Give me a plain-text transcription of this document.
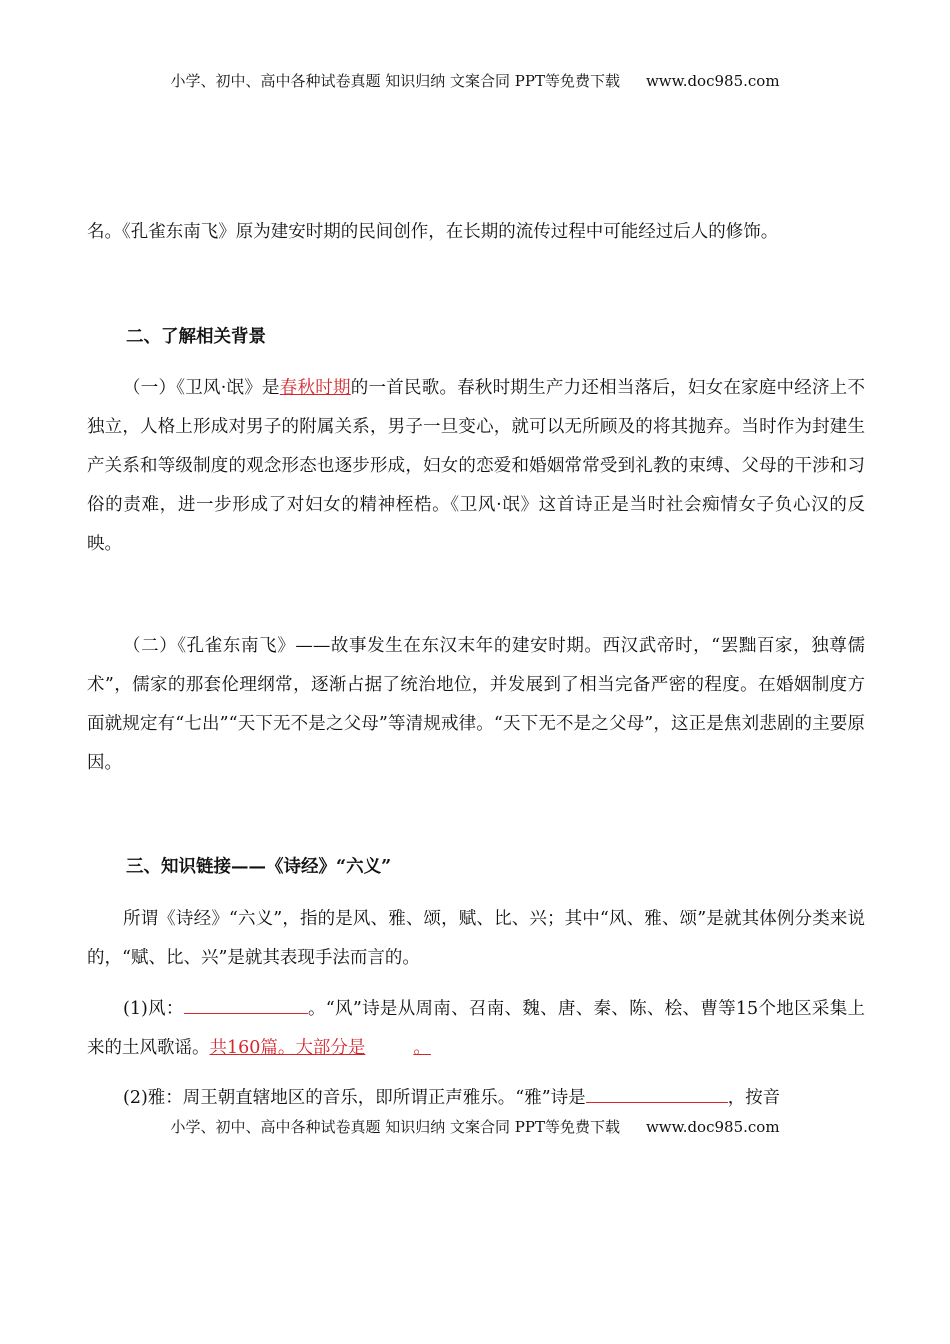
小学、初中、高中各种试卷真题 知识归纳 文案合同 PPT等免费下载 www.doc985.com
名。《孔雀东南飞》原为建安时期的民间创作，在长期的流传过程中可能经过后人的修饰。
二、了解相关背景
（一）《卫风·氓》是春秋时期的一首民歌。春秋时期生产力还相当落后，妇女在家庭中经济上不独立，人格上形成对男子的附属关系，男子一旦变心，就可以无所顾及的将其抛弃。当时作为封建生产关系和等级制度的观念形态也逐步形成，妇女的恋爱和婚姻常常受到礼教的束缚、父母的干涉和习俗的责难，进一步形成了对妇女的精神桎梏。《卫风·氓》这首诗正是当时社会痴情女子负心汉的反映。
（二）《孔雀东南飞》——故事发生在东汉末年的建安时期。西汉武帝时，“罢黜百家，独尊儒术”，儒家的那套伦理纲常，逐渐占据了统治地位，并发展到了相当完备严密的程度。在婚姻制度方面就规定有“七出”“天下无不是之父母”等清规戒律。“天下无不是之父母”，这正是焦刘悲剧的主要原因。
三、知识链接——《诗经》“六义”
所谓《诗经》“六义”，指的是风、雅、颂，赋、比、兴；其中“风、雅、颂”是就其体例分类来说的，“赋、比、兴”是就其表现手法而言的。
(1)风：	。“风”诗是从周南、召南、魏、唐、秦、陈、桧、曹等15个地区采集上来的土风歌谣。共160篇。大部分是	。
(2)雅：周王朝直辖地区的音乐，即所谓正声雅乐。“雅”诗是	，按音
小学、初中、高中各种试卷真题 知识归纳 文案合同 PPT等免费下载 www.doc985.com
